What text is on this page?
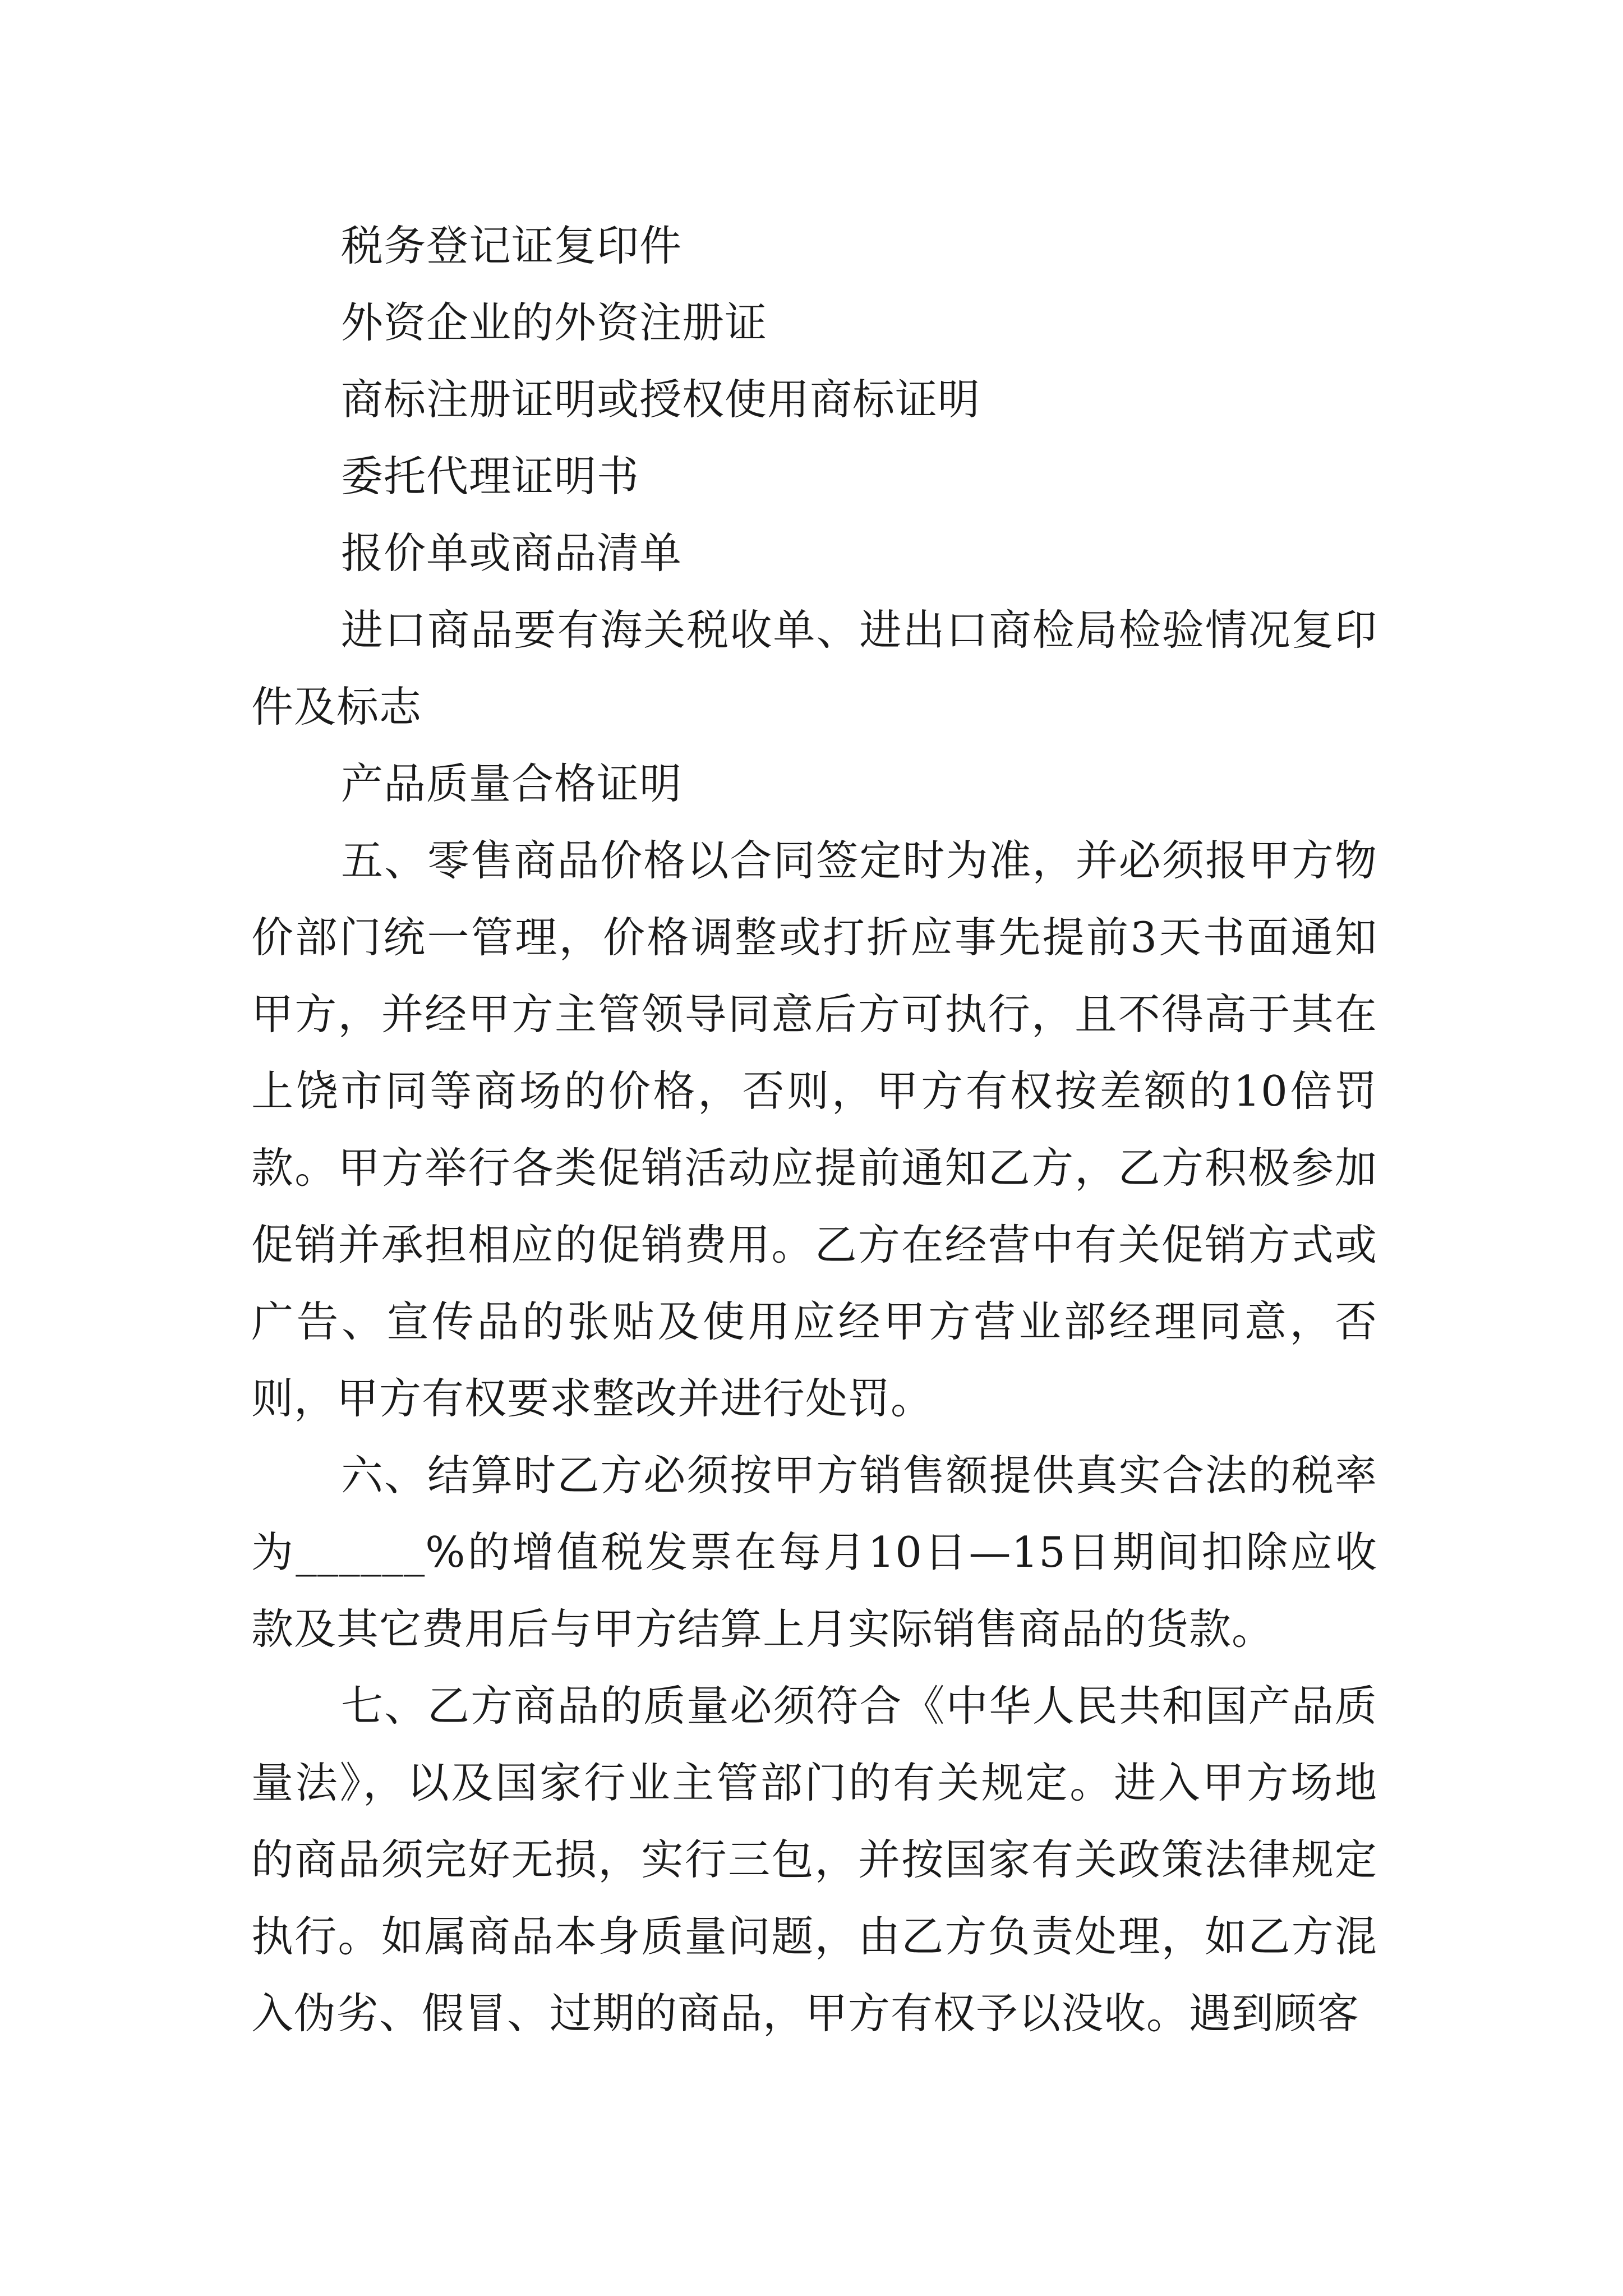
税务登记证复印件

外资企业的外资注册证

商标注册证明或授权使用商标证明

委托代理证明书

报价单或商品清单

进口商品要有海关税收单、进出口商检局检验情况复印件及标志

产品质量合格证明

五、零售商品价格以合同签定时为准，并必须报甲方物价部门统一管理，价格调整或打折应事先提前3天书面通知甲方，并经甲方主管领导同意后方可执行，且不得高于其在上饶市同等商场的价格，否则，甲方有权按差额的10倍罚款。甲方举行各类促销活动应提前通知乙方，乙方积极参加促销并承担相应的促销费用。乙方在经营中有关促销方式或广告、宣传品的张贴及使用应经甲方营业部经理同意，否则，甲方有权要求整改并进行处罚。

六、结算时乙方必须按甲方销售额提供真实合法的税率为______%的增值税发票在每月10日—15日期间扣除应收款及其它费用后与甲方结算上月实际销售商品的货款。

七、乙方商品的质量必须符合《中华人民共和国产品质量法》，以及国家行业主管部门的有关规定。进入甲方场地的商品须完好无损，实行三包，并按国家有关政策法律规定执行。如属商品本身质量问题，由乙方负责处理，如乙方混入伪劣、假冒、过期的商品，甲方有权予以没收。遇到顾客
